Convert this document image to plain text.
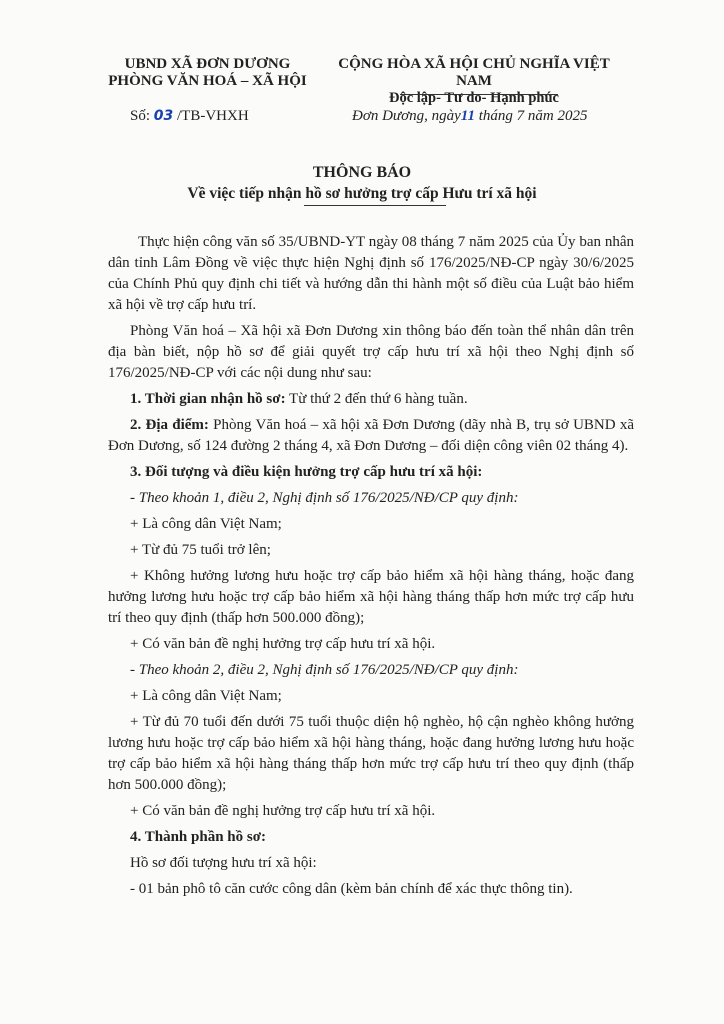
UBND XÃ ĐƠN DƯƠNG
PHÒNG VĂN HOÁ – XÃ HỘI
CỘNG HÒA XÃ HỘI CHỦ NGHĨA VIỆT NAM
Độc lập- Tư do- Hạnh phúc
Số: 03 /TB-VHXH	Đơn Dương, ngày11 tháng 7 năm 2025
THÔNG BÁO
Về việc tiếp nhận hồ sơ hưởng trợ cấp Hưu trí xã hội

Thực hiện công văn số 35/UBND-YT ngày 08 tháng 7 năm 2025 của Ủy ban nhân dân tỉnh Lâm Đồng về việc thực hiện Nghị định số 176/2025/NĐ-CP ngày 30/6/2025 của Chính Phủ quy định chi tiết và hướng dẫn thi hành một số điều của Luật bảo hiểm xã hội về trợ cấp hưu trí.

Phòng Văn hoá – Xã hội xã Đơn Dương xin thông báo đến toàn thể nhân dân trên địa bàn biết, nộp hồ sơ để giải quyết trợ cấp hưu trí xã hội theo Nghị định số 176/2025/NĐ-CP với các nội dung như sau:

1. Thời gian nhận hồ sơ: Từ thứ 2 đến thứ 6 hàng tuần.

2. Địa điểm: Phòng Văn hoá – xã hội xã Đơn Dương (dãy nhà B, trụ sở UBND xã Đơn Dương, số 124 đường 2 tháng 4, xã Đơn Dương – đối diện công viên 02 tháng 4).

3. Đối tượng và điều kiện hưởng trợ cấp hưu trí xã hội:

- Theo khoản 1, điều 2, Nghị định số 176/2025/NĐ/CP quy định:

+ Là công dân Việt Nam;

+ Từ đủ 75 tuổi trở lên;

+ Không hưởng lương hưu hoặc trợ cấp bảo hiểm xã hội hàng tháng, hoặc đang hưởng lương hưu hoặc trợ cấp bảo hiểm xã hội hàng tháng thấp hơn mức trợ cấp hưu trí theo quy định (thấp hơn 500.000 đồng);

+ Có văn bản đề nghị hưởng trợ cấp hưu trí xã hội.

- Theo khoản 2, điều 2, Nghị định số 176/2025/NĐ/CP quy định:

+ Là công dân Việt Nam;

+ Từ đủ 70 tuổi đến dưới 75 tuổi thuộc diện hộ nghèo, hộ cận nghèo không hưởng lương hưu hoặc trợ cấp bảo hiểm xã hội hàng tháng, hoặc đang hưởng lương hưu hoặc trợ cấp bảo hiểm xã hội hàng tháng thấp hơn mức trợ cấp hưu trí theo quy định (thấp hơn 500.000 đồng);

+ Có văn bản đề nghị hưởng trợ cấp hưu trí xã hội.

4. Thành phần hồ sơ:

Hồ sơ đối tượng hưu trí xã hội:

- 01 bản phô tô căn cước công dân (kèm bản chính để xác thực thông tin).
